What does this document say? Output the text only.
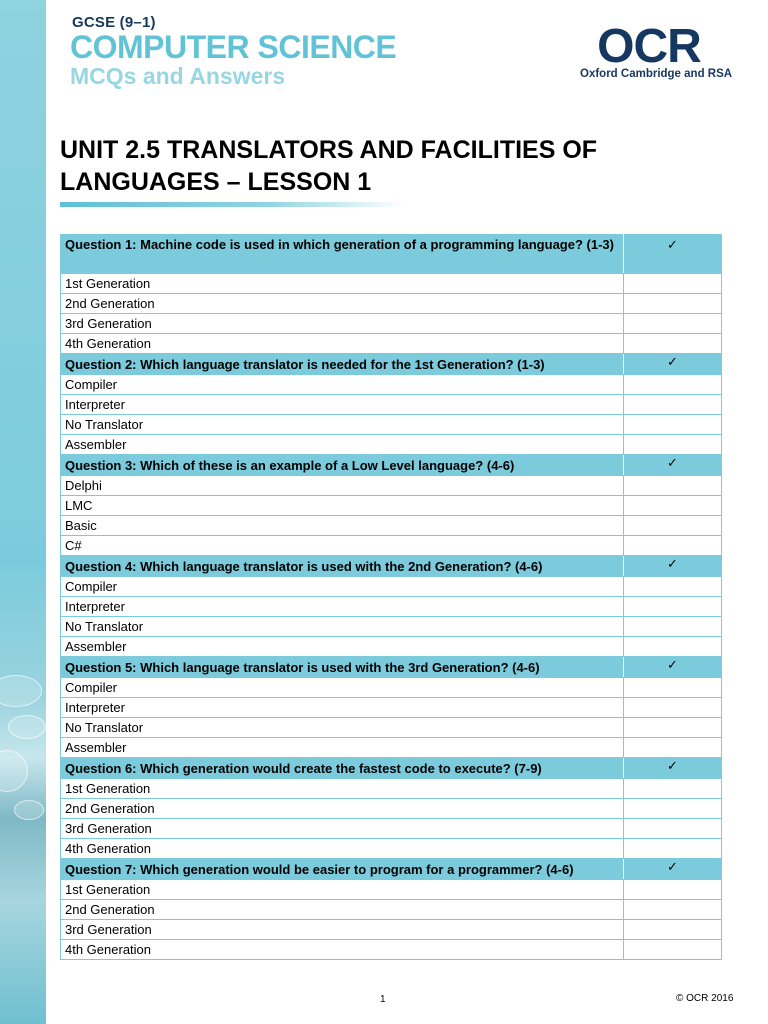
GCSE (9–1)
COMPUTER SCIENCE
MCQs and Answers
OCR
Oxford Cambridge and RSA
UNIT 2.5 TRANSLATORS AND FACILITIES OF
LANGUAGES – LESSON 1
Question 1: Machine code is used in which generation of a programming language? (1-3)	✓
1st Generation	
2nd Generation	
3rd Generation	
4th Generation	
Question 2: Which language translator is needed for the 1st Generation? (1-3)	✓
Compiler	
Interpreter	
No Translator	
Assembler	
Question 3: Which of these is an example of a Low Level language? (4-6)	✓
Delphi	
LMC	
Basic	
C#	
Question 4: Which language translator is used with the 2nd Generation? (4-6)	✓
Compiler	
Interpreter	
No Translator	
Assembler	
Question 5: Which language translator is used with the 3rd Generation? (4-6)	✓
Compiler	
Interpreter	
No Translator	
Assembler	
Question 6: Which generation would create the fastest code to execute? (7-9)	✓
1st Generation	
2nd Generation	
3rd Generation	
4th Generation	
Question 7: Which generation would be easier to program for a programmer? (4-6)	✓
1st Generation	
2nd Generation	
3rd Generation	
4th Generation	
1	© OCR 2016
